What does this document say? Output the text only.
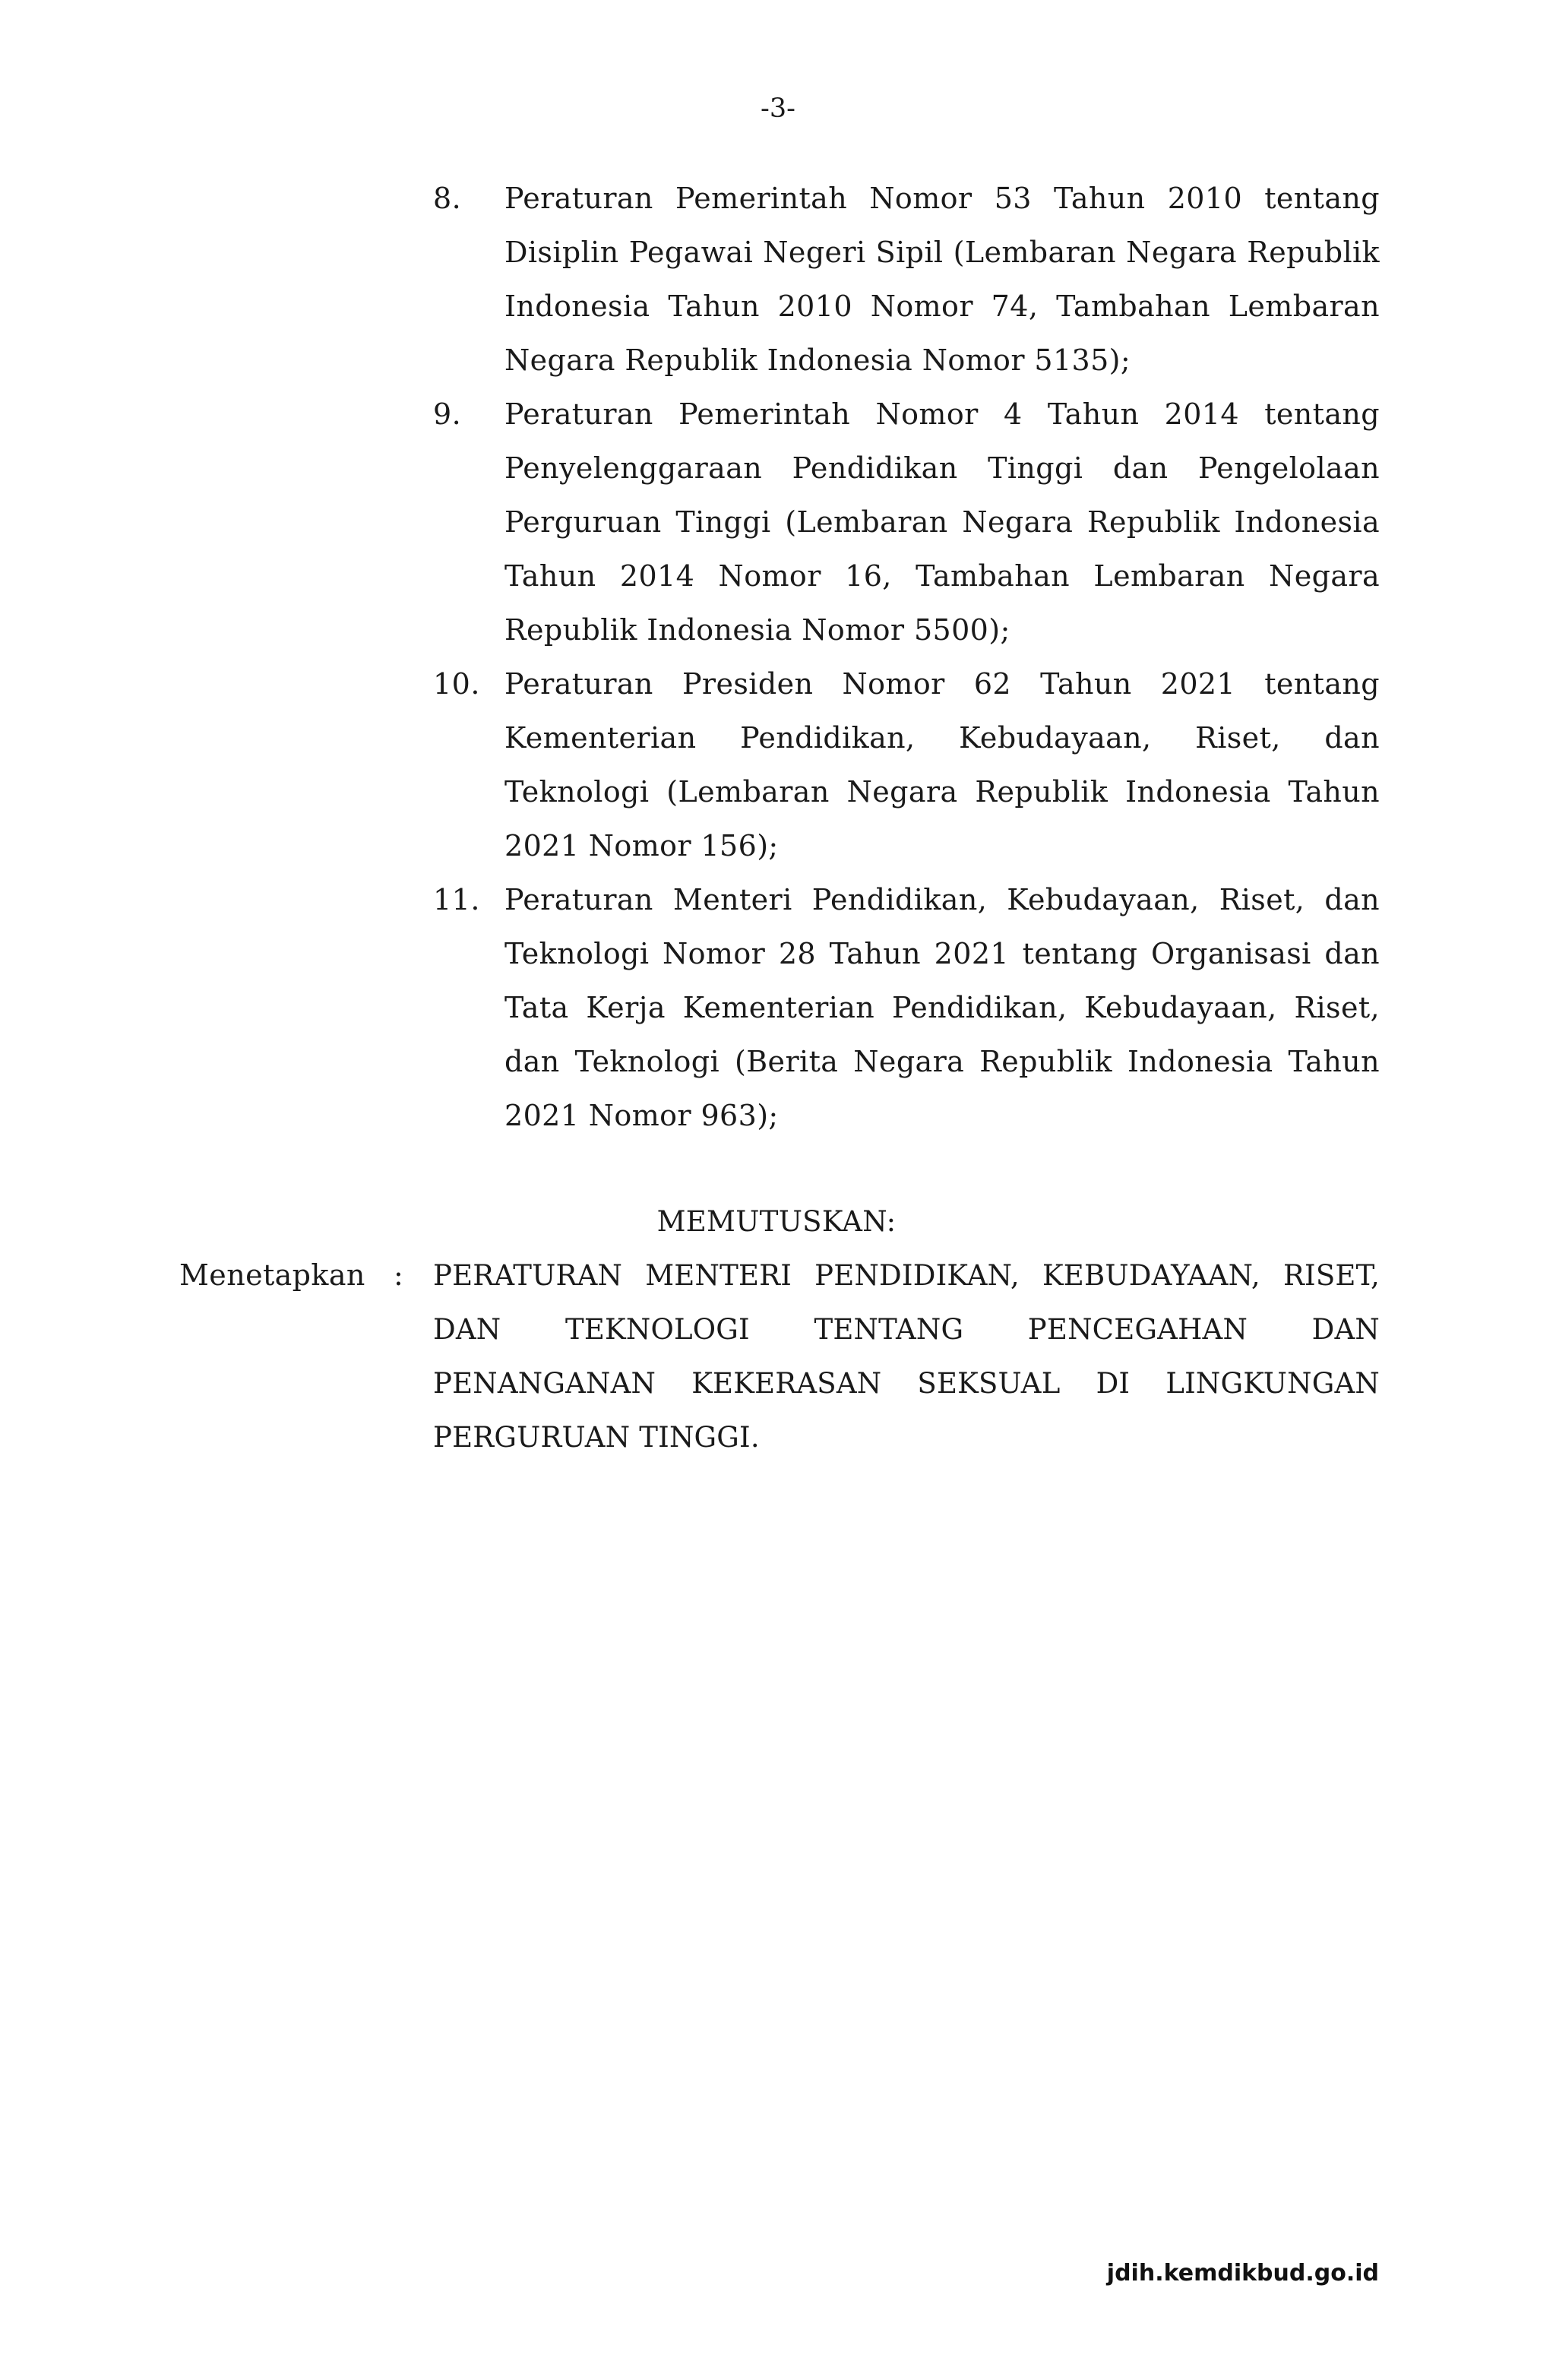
-3-
8.	Peraturan Pemerintah Nomor 53 Tahun 2010 tentang
Disiplin Pegawai Negeri Sipil (Lembaran Negara Republik
Indonesia Tahun 2010 Nomor 74, Tambahan Lembaran
Negara Republik Indonesia Nomor 5135);
9.	Peraturan Pemerintah Nomor 4 Tahun 2014 tentang
Penyelenggaraan Pendidikan Tinggi dan Pengelolaan
Perguruan Tinggi (Lembaran Negara Republik Indonesia
Tahun 2014 Nomor 16, Tambahan Lembaran Negara
Republik Indonesia Nomor 5500);
10. Peraturan Presiden Nomor 62 Tahun 2021 tentang
Kementerian Pendidikan, Kebudayaan, Riset, dan
Teknologi (Lembaran Negara Republik Indonesia Tahun
2021 Nomor 156);
11. Peraturan Menteri Pendidikan, Kebudayaan, Riset, dan
Teknologi Nomor 28 Tahun 2021 tentang Organisasi dan
Tata Kerja Kementerian Pendidikan, Kebudayaan, Riset,
dan Teknologi (Berita Negara Republik Indonesia Tahun
2021 Nomor 963);
MEMUTUSKAN:
Menetapkan :	PERATURAN MENTERI PENDIDIKAN, KEBUDAYAAN, RISET,
DAN TEKNOLOGI TENTANG PENCEGAHAN DAN
PENANGANAN KEKERASAN SEKSUAL DI LINGKUNGAN
PERGURUAN TINGGI.
jdih.kemdikbud.go.id
